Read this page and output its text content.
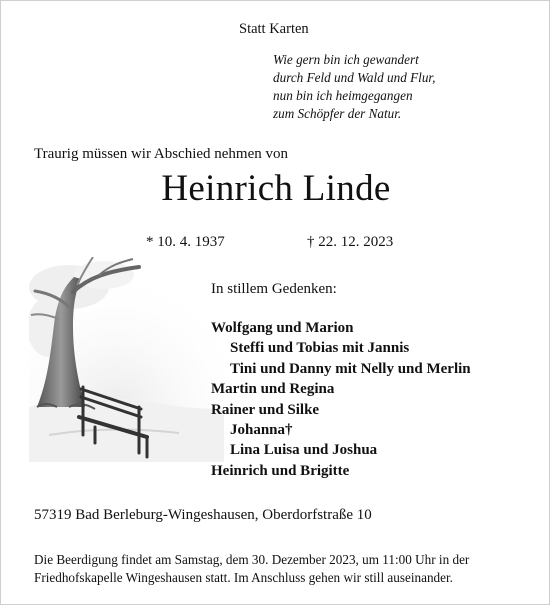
Statt Karten
Wie gern bin ich gewandert
durch Feld und Wald und Flur,
nun bin ich heimgegangen
zum Schöpfer der Natur.
Traurig müssen wir Abschied nehmen von
Heinrich Linde
* 10. 4. 1937	† 22. 12. 2023
In stillem Gedenken:
Wolfgang und Marion
Steffi und Tobias mit Jannis
Tini und Danny mit Nelly und Merlin
Martin und Regina
Rainer und Silke
Johanna†
Lina Luisa und Joshua
Heinrich und Brigitte
57319 Bad Berleburg-Wingeshausen, Oberdorfstraße 10
Die Beerdigung findet am Samstag, dem 30. Dezember 2023, um 11:00 Uhr in der
Friedhofskapelle Wingeshausen statt. Im Anschluss gehen wir still auseinander.
